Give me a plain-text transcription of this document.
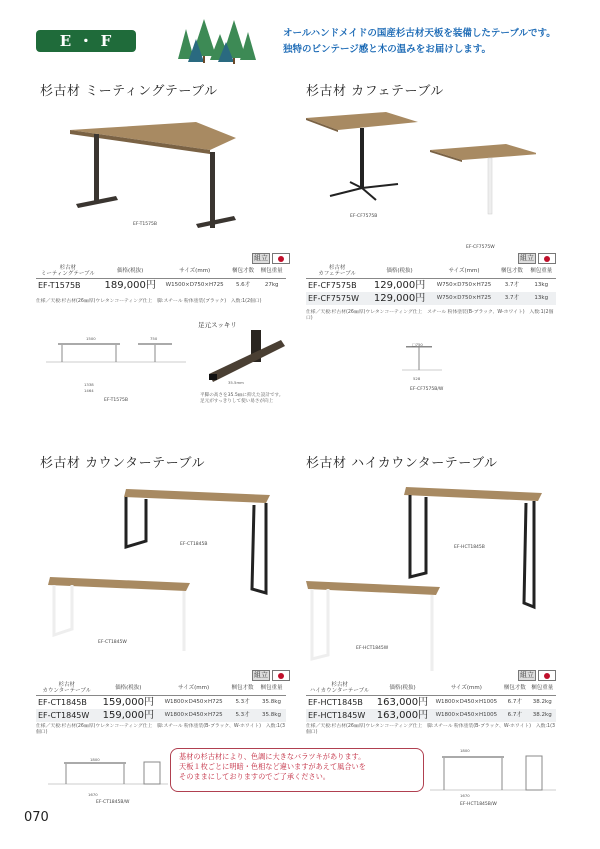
E ・ F Socia
オールハンドメイドの国産杉古材天板を装備したテーブルです。
独特のビンテージ感と木の温みをお届けします。
杉古材 ミーティングテーブル
EF-T1575B
組立
杉古材
ミーティングテーブル	価格(税抜)	サイズ(mm)	梱包才数	梱包重量
EF-T1575B	189,000円	W1500×D750×H725	5.6才	27kg
仕様／天板:杉古材(26㎜厚)ウレタンコーティング仕上　脚:スチール 粉体塗装(ブラック)　入数:1(2個口)
1500	750
1338
1464
EF-T1575B
足元スッキリ
35.5mm
平脚の高さを35.5㎜に抑えた設計です。
足元がすっきりして使い易さが向上
杉古材 カフェテーブル
EF-CF7575B
EF-CF7575W
組立
杉古材
カフェテーブル	価格(税抜)	サイズ(mm)	梱包才数	梱包重量
EF-CF7575B	129,000円	W750×D750×H725	3.7才	13kg
EF-CF7575W	129,000円	W750×D750×H725	3.7才	13kg
仕様／天板:杉古材(26㎜厚)ウレタンコーティング仕上　スチール 粉体塗装(B-ブラック、W-ホワイト)　入数:1(2個口)
□750
528
EF-CF7575B/W
杉古材 カウンターテーブル
EF-CT1845B
EF-CT1845W
組立
杉古材
カウンターテーブル	価格(税抜)	サイズ(mm)	梱包才数	梱包重量
EF-CT1845B	159,000円	W1800×D450×H725	5.3才	35.8kg
EF-CT1845W	159,000円	W1800×D450×H725	5.3才	35.8kg
仕様／天板:杉古材(26㎜厚)ウレタンコーティング仕上　脚:スチール 粉体塗装(B-ブラック、W-ホワイト)　入数:1(3個口)
1800
1670
EF-CT1845B/W
杉古材 ハイカウンターテーブル
EF-HCT1845B
EF-HCT1845W
組立
杉古材
ハイカウンターテーブル	価格(税抜)	サイズ(mm)	梱包才数	梱包重量
EF-HCT1845B	163,000円	W1800×D450×H1005	6.7才	38.2kg
EF-HCT1845W	163,000円	W1800×D450×H1005	6.7才	38.2kg
仕様／天板:杉古材(26㎜厚)ウレタンコーティング仕上　脚:スチール 粉体塗装(B-ブラック、W-ホワイト)　入数:1(3個口)
1800
1670
EF-HCT1845B/W
基材の杉古材により、色調に大きなバラツキがあります。
天板１枚ごとに明暗・色相など違いますがあえて風合いを
そのままにしておりますのでご了承ください。
070
